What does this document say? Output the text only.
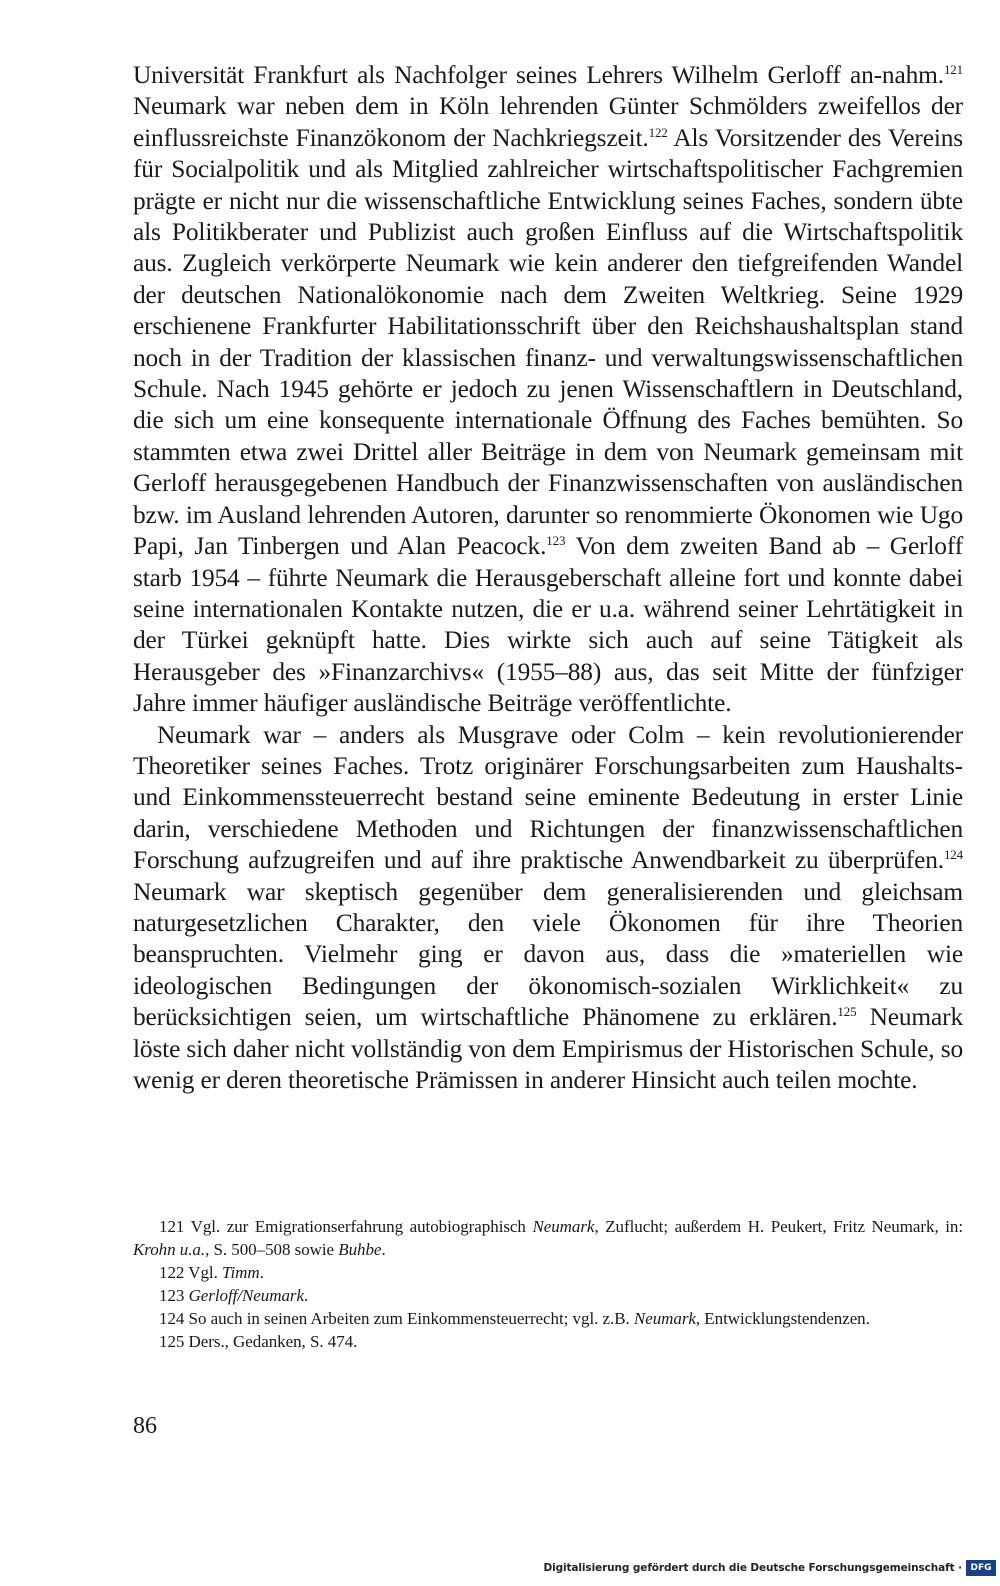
Universität Frankfurt als Nachfolger seines Lehrers Wilhelm Gerloff an-nahm.$^{121}$ Neumark war neben dem in Köln lehrenden Günter Schmölders zweifellos der einflussreichste Finanzökonom der Nachkriegszeit.$^{122}$ Als Vorsitzender des Vereins für Socialpolitik und als Mitglied zahlreicher wirtschaftspolitischer Fachgremien prägte er nicht nur die wissenschaftliche Entwicklung seines Faches, sondern übte als Politikberater und Publizist auch großen Einfluss auf die Wirtschaftspolitik aus. Zugleich verkörperte Neumark wie kein anderer den tiefgreifenden Wandel der deutschen Nationalökonomie nach dem Zweiten Weltkrieg. Seine 1929 erschienene Frankfurter Habilitationsschrift über den Reichshaushaltsplan stand noch in der Tradition der klassischen finanz- und verwaltungswissenschaftlichen Schule. Nach 1945 gehörte er jedoch zu jenen Wissenschaftlern in Deutschland, die sich um eine konsequente internationale Öffnung des Faches bemühten. So stammten etwa zwei Drittel aller Beiträge in dem von Neumark gemeinsam mit Gerloff herausgegebenen Handbuch der Finanzwissenschaften von ausländischen bzw. im Ausland lehrenden Autoren, darunter so renommierte Ökonomen wie Ugo Papi, Jan Tinbergen und Alan Peacock.$^{123}$ Von dem zweiten Band ab – Gerloff starb 1954 – führte Neumark die Herausgeberschaft alleine fort und konnte dabei seine internationalen Kontakte nutzen, die er u.a. während seiner Lehrtätigkeit in der Türkei geknüpft hatte. Dies wirkte sich auch auf seine Tätigkeit als Herausgeber des »Finanzarchivs« (1955–88) aus, das seit Mitte der fünfziger Jahre immer häufiger ausländische Beiträge veröffentlichte.

Neumark war – anders als Musgrave oder Colm – kein revolutionierender Theoretiker seines Faches. Trotz originärer Forschungsarbeiten zum Haushalts- und Einkommenssteuerrecht bestand seine eminente Bedeutung in erster Linie darin, verschiedene Methoden und Richtungen der finanzwissenschaftlichen Forschung aufzugreifen und auf ihre praktische Anwendbarkeit zu überprüfen.$^{124}$ Neumark war skeptisch gegenüber dem generalisierenden und gleichsam naturgesetzlichen Charakter, den viele Ökonomen für ihre Theorien beanspruchten. Vielmehr ging er davon aus, dass die »materiellen wie ideologischen Bedingungen der ökonomisch-sozialen Wirklichkeit« zu berücksichtigen seien, um wirtschaftliche Phänomene zu erklären.$^{125}$ Neumark löste sich daher nicht vollständig von dem Empirismus der Historischen Schule, so wenig er deren theoretische Prämissen in anderer Hinsicht auch teilen mochte.

121 Vgl. zur Emigrationserfahrung autobiographisch Neumark, Zuflucht; außerdem H. Peukert, Fritz Neumark, in: Krohn u.a., S. 500–508 sowie Buhbe.

122 Vgl. Timm.

123 Gerloff/Neumark.

124 So auch in seinen Arbeiten zum Einkommensteuerrecht; vgl. z.B. Neumark, Entwicklungstendenzen.

125 Ders., Gedanken, S. 474.

86
Digitalisierung gefördert durch die Deutsche Forschungsgemeinschaft · DFG
